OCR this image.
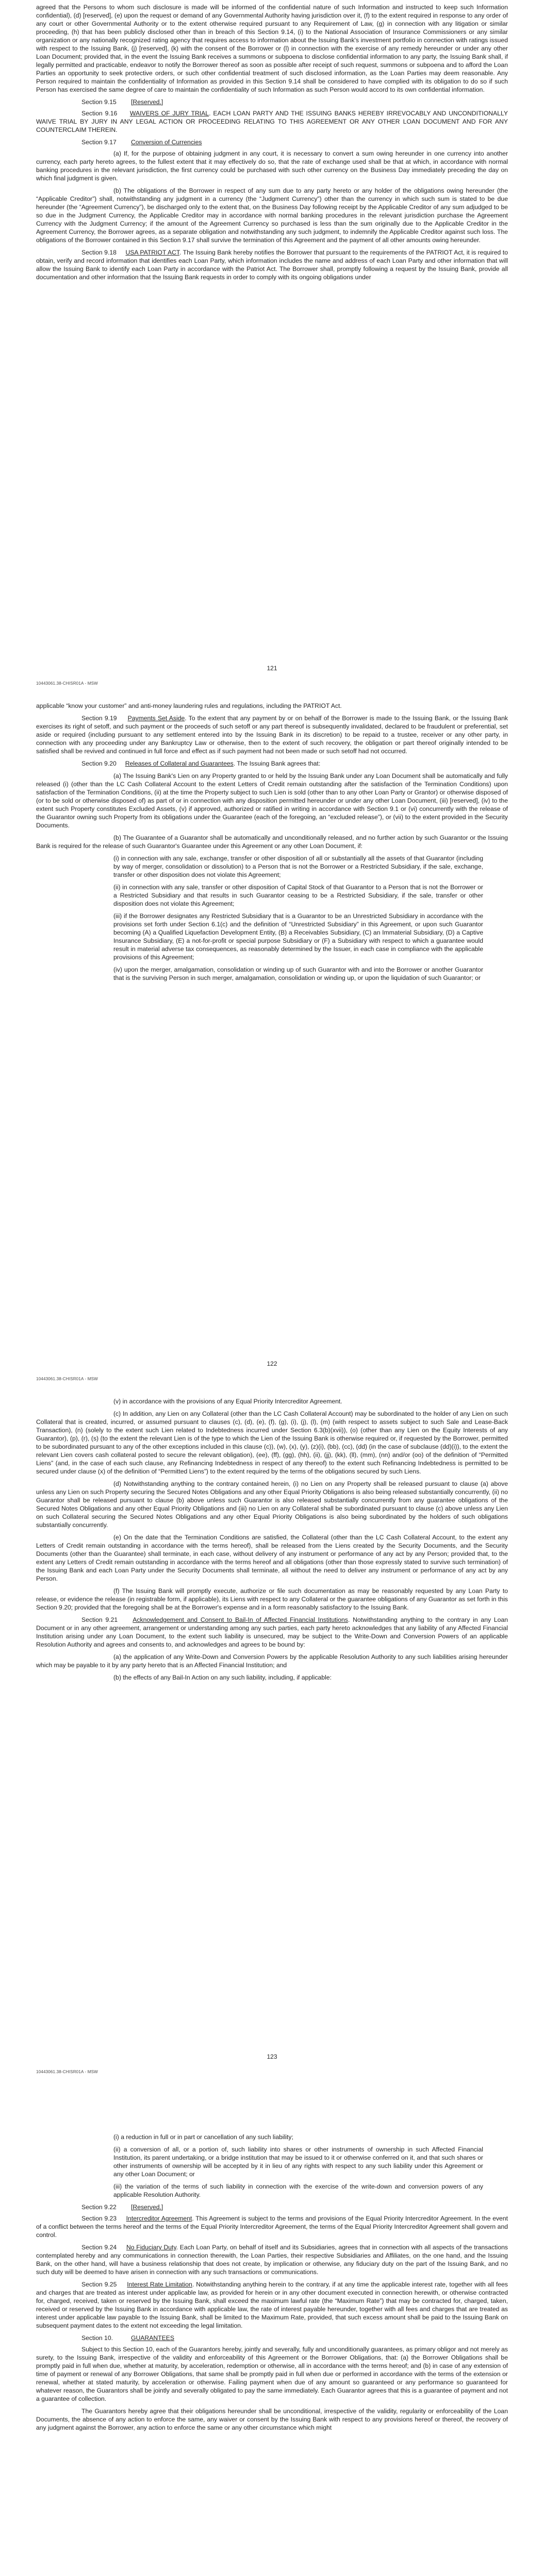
agreed that the Persons to whom such disclosure is made will be informed of the confidential nature of such Information and instructed to keep such Information confidential), (d) [reserved], (e) upon the request or demand of any Governmental Authority having jurisdiction over it, (f) to the extent required in response to any order of any court or other Governmental Authority or to the extent otherwise required pursuant to any Requirement of Law, (g) in connection with any litigation or similar proceeding, (h) that has been publicly disclosed other than in breach of this Section 9.14, (i) to the National Association of Insurance Commissioners or any similar organization or any nationally recognized rating agency that requires access to information about the Issuing Bank's investment portfolio in connection with ratings issued with respect to the Issuing Bank, (j) [reserved], (k) with the consent of the Borrower or (l) in connection with the exercise of any remedy hereunder or under any other Loan Document; provided that, in the event the Issuing Bank receives a summons or subpoena to disclose confidential information to any party, the Issuing Bank shall, if legally permitted and practicable, endeavor to notify the Borrower thereof as soon as possible after receipt of such request, summons or subpoena and to afford the Loan Parties an opportunity to seek protective orders, or such other confidential treatment of such disclosed information, as the Loan Parties may deem reasonable. Any Person required to maintain the confidentiality of Information as provided in this Section 9.14 shall be considered to have complied with its obligation to do so if such Person has exercised the same degree of care to maintain the confidentiality of such Information as such Person would accord to its own confidential information.

Section 9.15 [Reserved.]

Section 9.16 WAIVERS OF JURY TRIAL. EACH LOAN PARTY AND THE ISSUING BANKS HEREBY IRREVOCABLY AND UNCONDITIONALLY WAIVE TRIAL BY JURY IN ANY LEGAL ACTION OR PROCEEDING RELATING TO THIS AGREEMENT OR ANY OTHER LOAN DOCUMENT AND FOR ANY COUNTERCLAIM THEREIN.

Section 9.17 Conversion of Currencies

(a) If, for the purpose of obtaining judgment in any court, it is necessary to convert a sum owing hereunder in one currency into another currency, each party hereto agrees, to the fullest extent that it may effectively do so, that the rate of exchange used shall be that at which, in accordance with normal banking procedures in the relevant jurisdiction, the first currency could be purchased with such other currency on the Business Day immediately preceding the day on which final judgment is given.

(b) The obligations of the Borrower in respect of any sum due to any party hereto or any holder of the obligations owing hereunder (the “Applicable Creditor”) shall, notwithstanding any judgment in a currency (the “Judgment Currency”) other than the currency in which such sum is stated to be due hereunder (the “Agreement Currency”), be discharged only to the extent that, on the Business Day following receipt by the Applicable Creditor of any sum adjudged to be so due in the Judgment Currency, the Applicable Creditor may in accordance with normal banking procedures in the relevant jurisdiction purchase the Agreement Currency with the Judgment Currency; if the amount of the Agreement Currency so purchased is less than the sum originally due to the Applicable Creditor in the Agreement Currency, the Borrower agrees, as a separate obligation and notwithstanding any such judgment, to indemnify the Applicable Creditor against such loss. The obligations of the Borrower contained in this Section 9.17 shall survive the termination of this Agreement and the payment of all other amounts owing hereunder.

Section 9.18 USA PATRIOT ACT. The Issuing Bank hereby notifies the Borrower that pursuant to the requirements of the PATRIOT Act, it is required to obtain, verify and record information that identifies each Loan Party, which information includes the name and address of each Loan Party and other information that will allow the Issuing Bank to identify each Loan Party in accordance with the Patriot Act. The Borrower shall, promptly following a request by the Issuing Bank, provide all documentation and other information that the Issuing Bank requests in order to comply with its ongoing obligations under

121
10443061.38-CHISR01A - MSW

applicable “know your customer” and anti-money laundering rules and regulations, including the PATRIOT Act.

Section 9.19 Payments Set Aside. To the extent that any payment by or on behalf of the Borrower is made to the Issuing Bank, or the Issuing Bank exercises its right of setoff, and such payment or the proceeds of such setoff or any part thereof is subsequently invalidated, declared to be fraudulent or preferential, set aside or required (including pursuant to any settlement entered into by the Issuing Bank in its discretion) to be repaid to a trustee, receiver or any other party, in connection with any proceeding under any Bankruptcy Law or otherwise, then to the extent of such recovery, the obligation or part thereof originally intended to be satisfied shall be revived and continued in full force and effect as if such payment had not been made or such setoff had not occurred.

Section 9.20 Releases of Collateral and Guarantees. The Issuing Bank agrees that:

(a) The Issuing Bank's Lien on any Property granted to or held by the Issuing Bank under any Loan Document shall be automatically and fully released (i) (other than the LC Cash Collateral Account to the extent Letters of Credit remain outstanding after the satisfaction of the Termination Conditions) upon satisfaction of the Termination Conditions, (ii) at the time the Property subject to such Lien is sold (other than to any other Loan Party or Grantor) or otherwise disposed of (or to be sold or otherwise disposed of) as part of or in connection with any disposition permitted hereunder or under any other Loan Document, (iii) [reserved], (iv) to the extent such Property constitutes Excluded Assets, (v) if approved, authorized or ratified in writing in accordance with Section 9.1 or (vi) concurrently with the release of the Guarantor owning such Property from its obligations under the Guarantee (each of the foregoing, an “excluded release”), or (vii) to the extent provided in the Security Documents.

(b) The Guarantee of a Guarantor shall be automatically and unconditionally released, and no further action by such Guarantor or the Issuing Bank is required for the release of such Guarantor's Guarantee under this Agreement or any other Loan Document, if:

(i) in connection with any sale, exchange, transfer or other disposition of all or substantially all the assets of that Guarantor (including by way of merger, consolidation or dissolution) to a Person that is not the Borrower or a Restricted Subsidiary, if the sale, exchange, transfer or other disposition does not violate this Agreement;

(ii) in connection with any sale, transfer or other disposition of Capital Stock of that Guarantor to a Person that is not the Borrower or a Restricted Subsidiary and that results in such Guarantor ceasing to be a Restricted Subsidiary, if the sale, transfer or other disposition does not violate this Agreement;

(iii) if the Borrower designates any Restricted Subsidiary that is a Guarantor to be an Unrestricted Subsidiary in accordance with the provisions set forth under Section 6.1(c) and the definition of “Unrestricted Subsidiary” in this Agreement, or upon such Guarantor becoming (A) a Qualified Liquefaction Development Entity, (B) a Receivables Subsidiary, (C) an Immaterial Subsidiary, (D) a Captive Insurance Subsidiary, (E) a not-for-profit or special purpose Subsidiary or (F) a Subsidiary with respect to which a guarantee would result in material adverse tax consequences, as reasonably determined by the Issuer, in each case in compliance with the applicable provisions of this Agreement;

(iv) upon the merger, amalgamation, consolidation or winding up of such Guarantor with and into the Borrower or another Guarantor that is the surviving Person in such merger, amalgamation, consolidation or winding up, or upon the liquidation of such Guarantor; or

122
10443061.38-CHISR01A - MSW

(v) in accordance with the provisions of any Equal Priority Intercreditor Agreement.

(c) In addition, any Lien on any Collateral (other than the LC Cash Collateral Account) may be subordinated to the holder of any Lien on such Collateral that is created, incurred, or assumed pursuant to clauses (c), (d), (e), (f), (g), (i), (j), (l), (m) (with respect to assets subject to such Sale and Lease-Back Transaction), (n) (solely to the extent such Lien related to Indebtedness incurred under Section 6.3(b)(xvii)), (o) (other than any Lien on the Equity Interests of any Guarantor), (p), (r), (s) (to the extent the relevant Lien is of the type to which the Lien of the Issuing Bank is otherwise required or, if requested by the Borrower, permitted to be subordinated pursuant to any of the other exceptions included in this clause (c)), (w), (x), (y), (z)(i), (bb), (cc), (dd) (in the case of subclause (dd)(i)), to the extent the relevant Lien covers cash collateral posted to secure the relevant obligation), (ee), (ff), (gg), (hh), (ii), (jj), (kk), (ll), (mm), (nn) and/or (oo) of the definition of “Permitted Liens” (and, in the case of each such clause, any Refinancing Indebtedness in respect of any thereof) to the extent such Refinancing Indebtedness is permitted to be secured under clause (x) of the definition of “Permitted Liens”) to the extent required by the terms of the obligations secured by such Liens.

(d) Notwithstanding anything to the contrary contained herein, (i) no Lien on any Property shall be released pursuant to clause (a) above unless any Lien on such Property securing the Secured Notes Obligations and any other Equal Priority Obligations is also being released substantially concurrently, (ii) no Guarantor shall be released pursuant to clause (b) above unless such Guarantor is also released substantially concurrently from any guarantee obligations of the Secured Notes Obligations and any other Equal Priority Obligations and (iii) no Lien on any Collateral shall be subordinated pursuant to clause (c) above unless any Lien on such Collateral securing the Secured Notes Obligations and any other Equal Priority Obligations is also being subordinated by the holders of such obligations substantially concurrently.

(e) On the date that the Termination Conditions are satisfied, the Collateral (other than the LC Cash Collateral Account, to the extent any Letters of Credit remain outstanding in accordance with the terms hereof), shall be released from the Liens created by the Security Documents, and the Security Documents (other than the Guarantee) shall terminate, in each case, without delivery of any instrument or performance of any act by any Person; provided that, to the extent any Letters of Credit remain outstanding in accordance with the terms hereof and all obligations (other than those expressly stated to survive such termination) of the Issuing Bank and each Loan Party under the Security Documents shall terminate, all without the need to deliver any instrument or performance of any act by any Person.

(f) The Issuing Bank will promptly execute, authorize or file such documentation as may be reasonably requested by any Loan Party to release, or evidence the release (in registrable form, if applicable), its Liens with respect to any Collateral or the guarantee obligations of any Guarantor as set forth in this Section 9.20; provided that the foregoing shall be at the Borrower's expense and in a form reasonably satisfactory to the Issuing Bank.

Section 9.21 Acknowledgement and Consent to Bail-In of Affected Financial Institutions. Notwithstanding anything to the contrary in any Loan Document or in any other agreement, arrangement or understanding among any such parties, each party hereto acknowledges that any liability of any Affected Financial Institution arising under any Loan Document, to the extent such liability is unsecured, may be subject to the Write-Down and Conversion Powers of an applicable Resolution Authority and agrees and consents to, and acknowledges and agrees to be bound by:

(a) the application of any Write-Down and Conversion Powers by the applicable Resolution Authority to any such liabilities arising hereunder which may be payable to it by any party hereto that is an Affected Financial Institution; and

(b) the effects of any Bail-In Action on any such liability, including, if applicable:

123
10443061.38-CHISR01A - MSW

(i) a reduction in full or in part or cancellation of any such liability;

(ii) a conversion of all, or a portion of, such liability into shares or other instruments of ownership in such Affected Financial Institution, its parent undertaking, or a bridge institution that may be issued to it or otherwise conferred on it, and that such shares or other instruments of ownership will be accepted by it in lieu of any rights with respect to any such liability under this Agreement or any other Loan Document; or

(iii) the variation of the terms of such liability in connection with the exercise of the write-down and conversion powers of any applicable Resolution Authority.

Section 9.22 [Reserved.]

Section 9.23 Intercreditor Agreement. This Agreement is subject to the terms and provisions of the Equal Priority Intercreditor Agreement. In the event of a conflict between the terms hereof and the terms of the Equal Priority Intercreditor Agreement, the terms of the Equal Priority Intercreditor Agreement shall govern and control.

Section 9.24 No Fiduciary Duty. Each Loan Party, on behalf of itself and its Subsidiaries, agrees that in connection with all aspects of the transactions contemplated hereby and any communications in connection therewith, the Loan Parties, their respective Subsidiaries and Affiliates, on the one hand, and the Issuing Bank, on the other hand, will have a business relationship that does not create, by implication or otherwise, any fiduciary duty on the part of the Issuing Bank, and no such duty will be deemed to have arisen in connection with any such transactions or communications.

Section 9.25 Interest Rate Limitation. Notwithstanding anything herein to the contrary, if at any time the applicable interest rate, together with all fees and charges that are treated as interest under applicable law, as provided for herein or in any other document executed in connection herewith, or otherwise contracted for, charged, received, taken or reserved by the Issuing Bank, shall exceed the maximum lawful rate (the “Maximum Rate”) that may be contracted for, charged, taken, received or reserved by the Issuing Bank in accordance with applicable law, the rate of interest payable hereunder, together with all fees and charges that are treated as interest under applicable law payable to the Issuing Bank, shall be limited to the Maximum Rate, provided, that such excess amount shall be paid to the Issuing Bank on subsequent payment dates to the extent not exceeding the legal limitation.

Section 10.	GUARANTEES

Subject to this Section 10, each of the Guarantors hereby, jointly and severally, fully and unconditionally guarantees, as primary obligor and not merely as surety, to the Issuing Bank, irrespective of the validity and enforceability of this Agreement or the Borrower Obligations, that: (a) the Borrower Obligations shall be promptly paid in full when due, whether at maturity, by acceleration, redemption or otherwise, all in accordance with the terms hereof; and (b) in case of any extension of time of payment or renewal of any Borrower Obligations, that same shall be promptly paid in full when due or performed in accordance with the terms of the extension or renewal, whether at stated maturity, by acceleration or otherwise. Failing payment when due of any amount so guaranteed or any performance so guaranteed for whatever reason, the Guarantors shall be jointly and severally obligated to pay the same immediately. Each Guarantor agrees that this is a guarantee of payment and not a guarantee of collection.

The Guarantors hereby agree that their obligations hereunder shall be unconditional, irrespective of the validity, regularity or enforceability of the Loan Documents, the absence of any action to enforce the same, any waiver or consent by the Issuing Bank with respect to any provisions hereof or thereof, the recovery of any judgment against the Borrower, any action to enforce the same or any other circumstance which might
